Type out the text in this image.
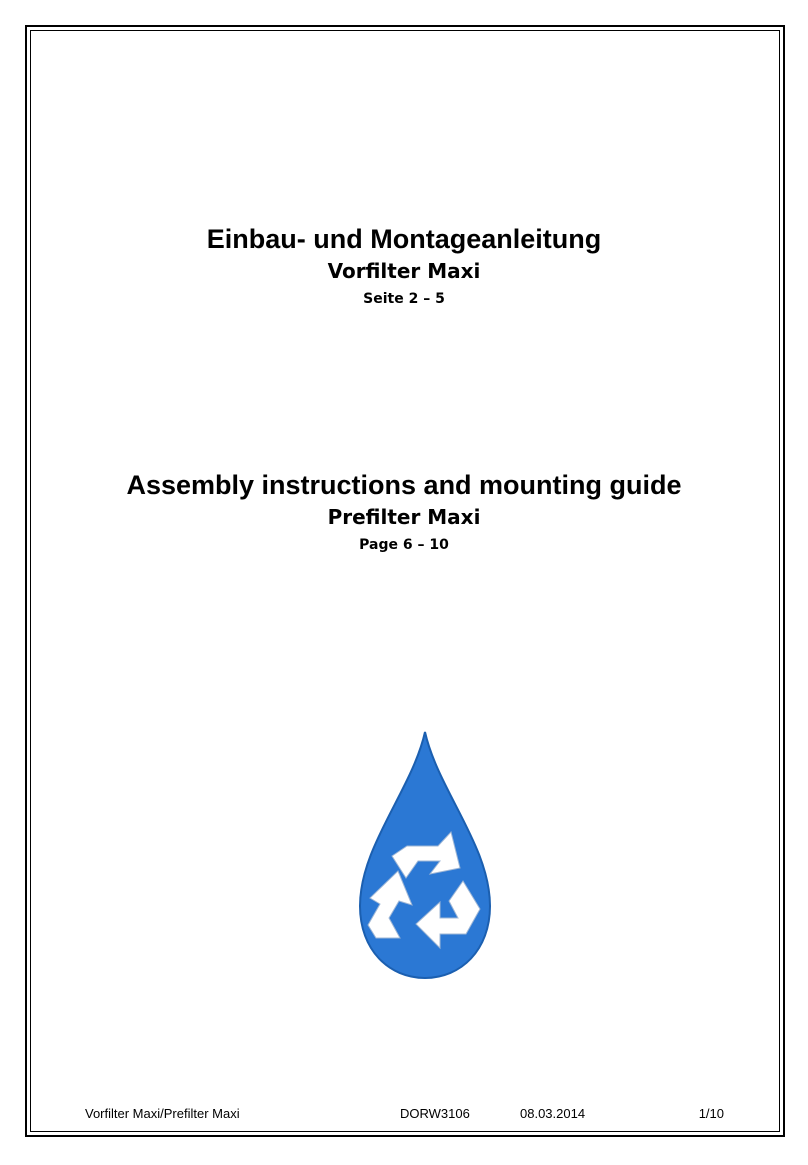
Einbau- und Montageanleitung
Vorfilter Maxi

Seite 2 – 5

Assembly instructions and mounting guide
Prefilter Maxi

Page 6 – 10

Vorfilter Maxi/Prefilter Maxi	DORW3106	08.03.2014	1/10
